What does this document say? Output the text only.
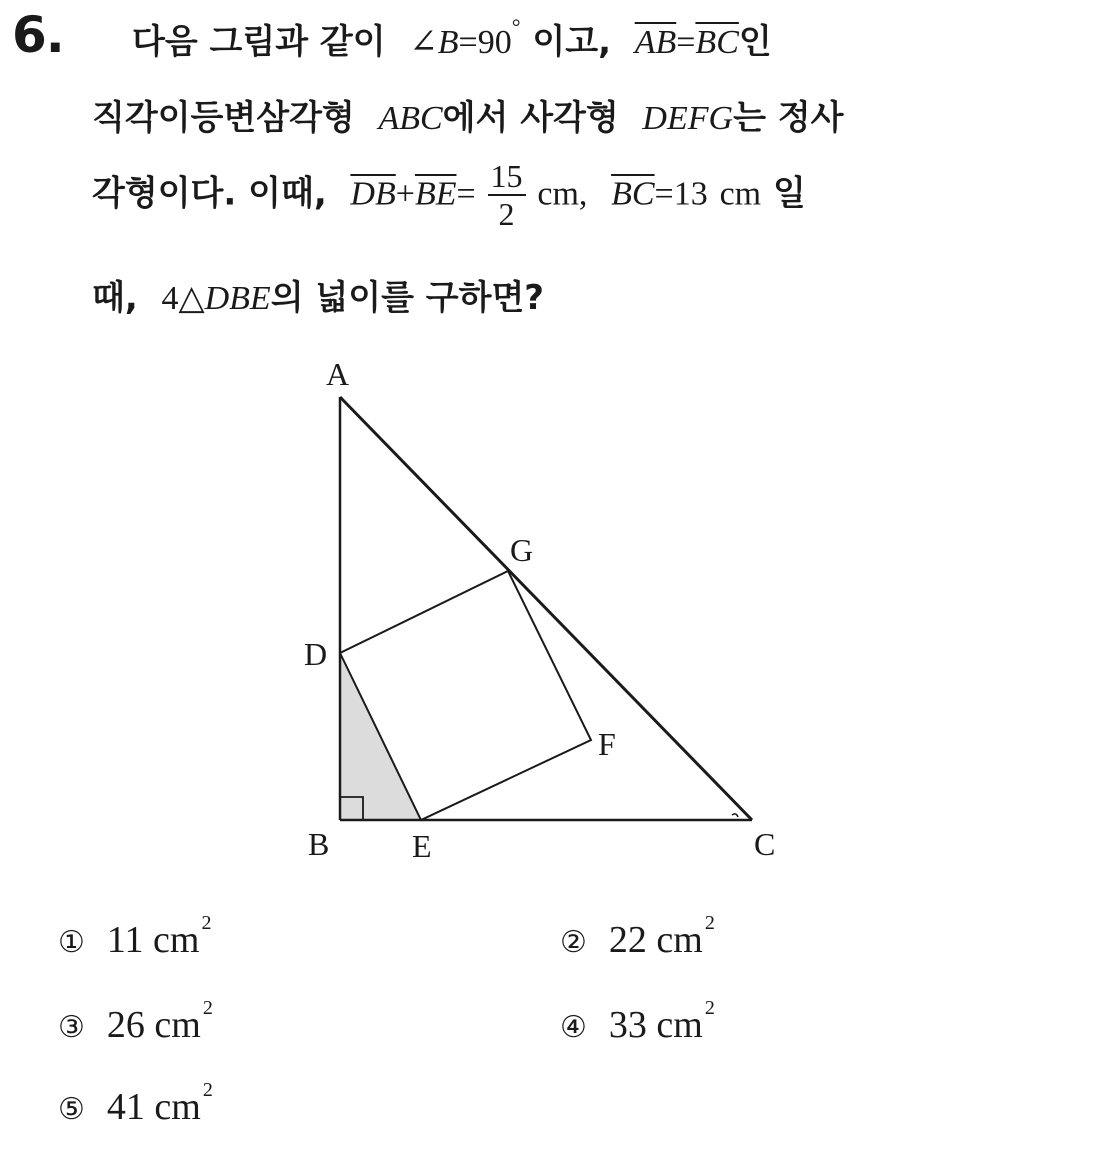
6. 다음 그림과 같이 ∠B=90° 이고, $\overline{AB}=\overline{BC}$인
직각이등변삼각형 ABC에서 사각형 DEFG는 정사
각형이다. 이때, $\overline{DB}+\overline{BE}= \frac{15}{2}$ cm, $\overline{BC}=13$ cm 일
때, 4△DBE의 넓이를 구하면?
A
B	E	C
D
F
G
① 11 cm $^2$
② 22 cm $^2$
③ 26 cm $^2$
④ 33 cm $^2$
⑤ 41 cm $^2$
